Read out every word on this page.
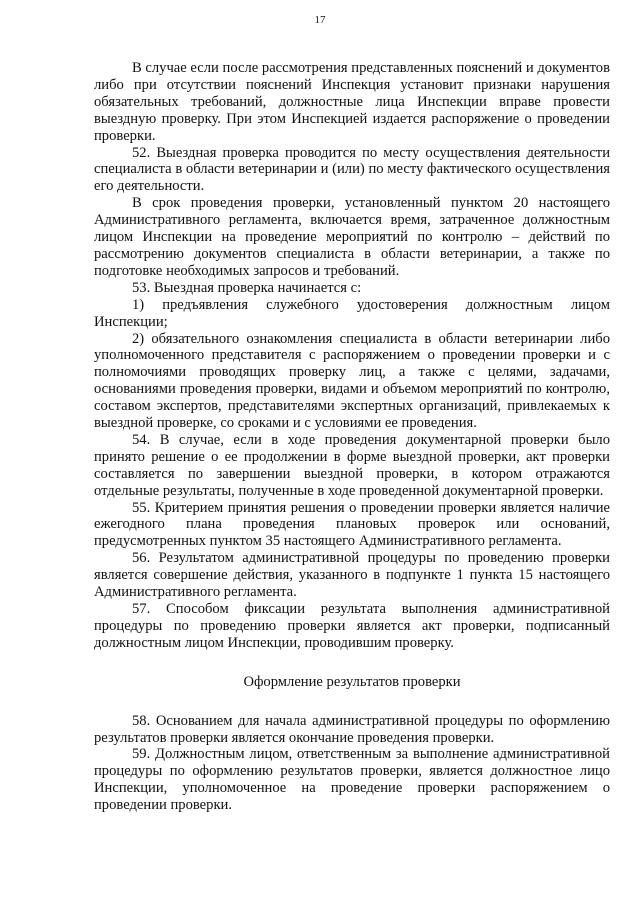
17

В случае если после рассмотрения представленных пояснений и документов либо при отсутствии пояснений Инспекция установит признаки нарушения обязательных требований, должностные лица Инспекции вправе провести выездную проверку. При этом Инспекцией издается распоряжение о проведении проверки.

52. Выездная проверка проводится по месту осуществления деятельности специалиста в области ветеринарии и (или) по месту фактического осуществления его деятельности.

В срок проведения проверки, установленный пунктом 20 настоящего Административного регламента, включается время, затраченное должностным лицом Инспекции на проведение мероприятий по контролю – действий по рассмотрению документов специалиста в области ветеринарии, а также по подготовке необходимых запросов и требований.

53. Выездная проверка начинается с:

1) предъявления служебного удостоверения должностным лицом Инспекции;

2) обязательного ознакомления специалиста в области ветеринарии либо уполномоченного представителя с распоряжением о проведении проверки и с полномочиями проводящих проверку лиц, а также с целями, задачами, основаниями проведения проверки, видами и объемом мероприятий по контролю, составом экспертов, представителями экспертных организаций, привлекаемых к выездной проверке, со сроками и с условиями ее проведения.

54. В случае, если в ходе проведения документарной проверки было принято решение о ее продолжении в форме выездной проверки, акт проверки составляется по завершении выездной проверки, в котором отражаются отдельные результаты, полученные в ходе проведенной документарной проверки.

55. Критерием принятия решения о проведении проверки является наличие ежегодного плана проведения плановых проверок или оснований, предусмотренных пунктом 35 настоящего Административного регламента.

56. Результатом административной процедуры по проведению проверки является совершение действия, указанного в подпункте 1 пункта 15 настоящего Административного регламента.

57. Способом фиксации результата выполнения административной процедуры по проведению проверки является акт проверки, подписанный должностным лицом Инспекции, проводившим проверку.

Оформление результатов проверки

58. Основанием для начала административной процедуры по оформлению результатов проверки является окончание проведения проверки.

59. Должностным лицом, ответственным за выполнение административной процедуры по оформлению результатов проверки, является должностное лицо Инспекции, уполномоченное на проведение проверки распоряжением о проведении проверки.
